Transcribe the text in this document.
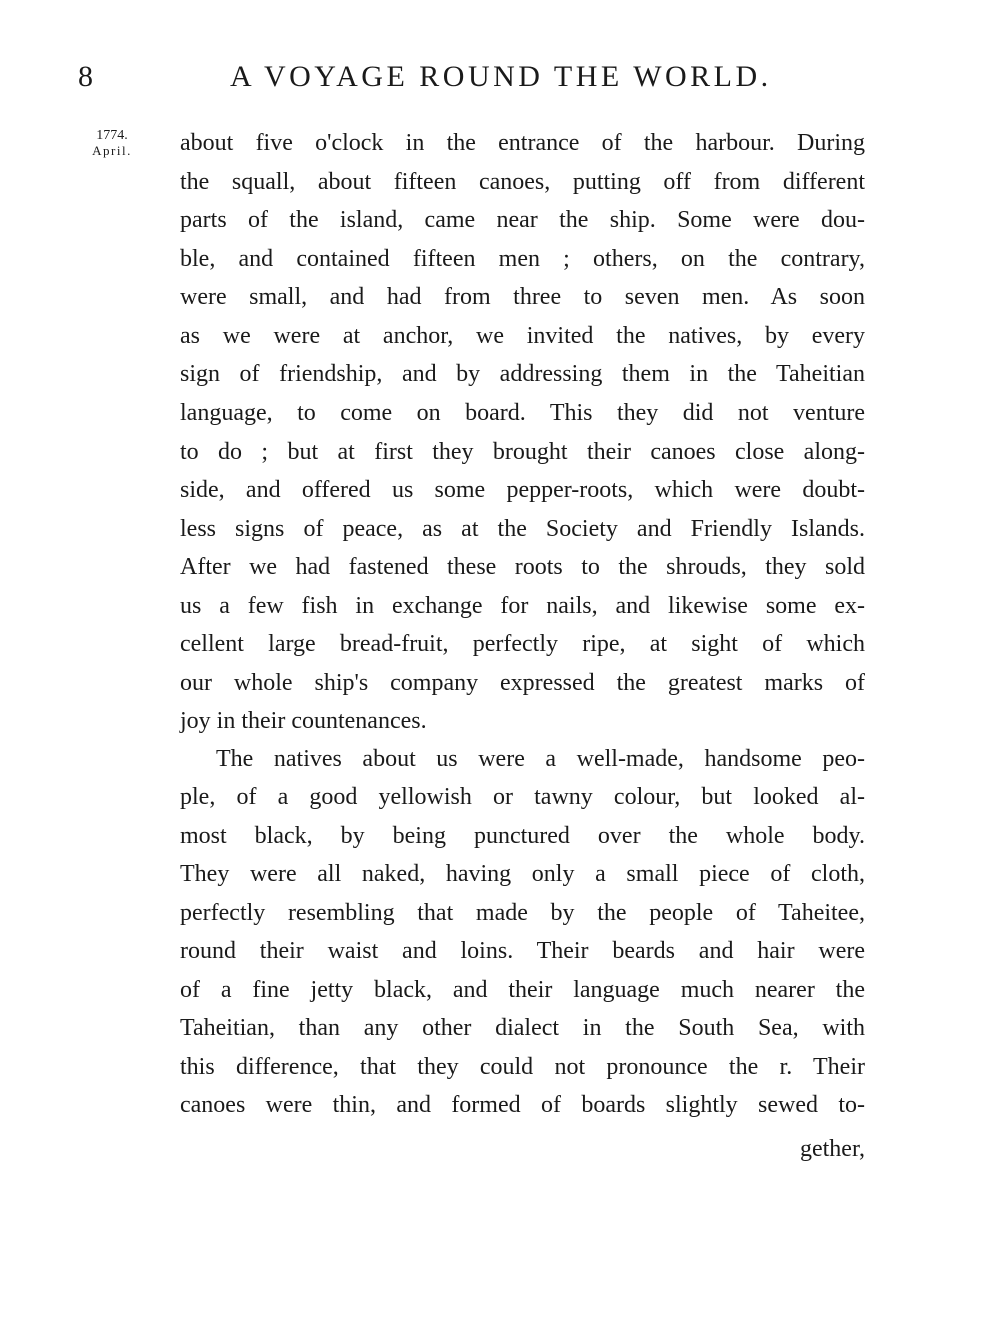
8	A VOYAGE ROUND THE WORLD.
1774.
April.	about five o'clock in the entrance of the harbour. During
the squall, about fifteen canoes, putting off from different
parts of the island, came near the ship. Some were dou-
ble, and contained fifteen men ; others, on the contrary,
were small, and had from three to seven men. As soon
as we were at anchor, we invited the natives, by every
sign of friendship, and by addressing them in the Taheitian
language, to come on board. This they did not venture
to do ; but at first they brought their canoes close along-
side, and offered us some pepper-roots, which were doubt-
less signs of peace, as at the Society and Friendly Islands.
After we had fastened these roots to the shrouds, they sold
us a few fish in exchange for nails, and likewise some ex-
cellent large bread-fruit, perfectly ripe, at sight of which
our whole ship's company expressed the greatest marks of
joy in their countenances.
The natives about us were a well-made, handsome peo-
ple, of a good yellowish or tawny colour, but looked al-
most black, by being punctured over the whole body.
They were all naked, having only a small piece of cloth,
perfectly resembling that made by the people of Taheitee,
round their waist and loins. Their beards and hair were
of a fine jetty black, and their language much nearer the
Taheitian, than any other dialect in the South Sea, with
this difference, that they could not pronounce the r. Their
canoes were thin, and formed of boards slightly sewed to-
gether,
